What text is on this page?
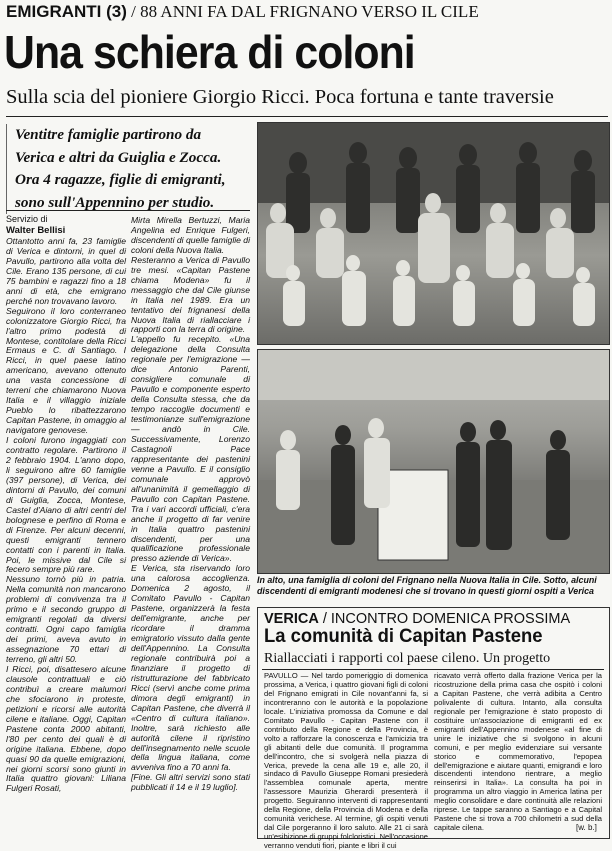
EMIGRANTI (3) / 88 ANNI FA DAL FRIGNANO VERSO IL CILE
Una schiera di coloni
Sulla scia del pioniere Giorgio Ricci. Poca fortuna e tante traversie
Ventitre famiglie partirono da
Verica e altri da Guiglia e Zocca.
Ora 4 ragazze, figlie di emigranti,
sono sull'Appennino per studio.
Servizio di
Walter Bellisi

Ottantotto anni fa, 23 famiglie di Verica e dintorni, in quel di Pavullo, partirono alla volta del Cile. Erano 135 persone, di cui 75 bambini e ragazzi fino a 18 anni di età, che emigrano perché non trovavano lavoro.

Seguirono il loro conterraneo colonizzatore Giorgio Ricci, fra l'altro primo podestà di Montese, contitolare della Ricci Ermaus e C. di Santiago. I Ricci, in quel paese latino americano, avevano ottenuto una vasta concessione di terreni che chiamarono Nuova Italia e il villaggio iniziale Pueblo lo ribattezzarono Capitan Pastene, in omaggio al navigatore genovese.

I coloni furono ingaggiati con contratto regolare. Partirono il 2 febbraio 1904. L'anno dopo, li seguirono altre 60 famiglie (397 persone), di Verica, dei dintorni di Pavullo, dei comuni di Guiglia, Zocca, Montese, Castel d'Aiano di altri centri del bolognese e perfino di Roma e di Firenze. Per alcuni decenni, questi emigranti tennero contatti con i parenti in Italia. Poi, le missive dal Cile si fecero sempre più rare.

Nessuno tornò più in patria. Nella comunità non mancarono problemi di convivenza tra il primo e il secondo gruppo di emigranti regolati da diversi contratti. Ogni capo famiglia dei primi, aveva avuto in assegnazione 70 ettari di terreno, gli altri 50.

I Ricci, poi, disattesero alcune clausole contrattuali e ciò contribuì a creare malumori che sfociarono in proteste, petizioni e ricorsi alle autorità cilene e italiane. Oggi, Capitan Pastene conta 2000 abitanti, l'80 per cento dei quali è di origine italiana. Ebbene, dopo quasi 90 da quelle emigrazioni, nei giorni scorsi sono giunti in Italia quattro giovani: Liliana Fulgeri Rosati,

Mirta Mirella Bertuzzi, Maria Angelina ed Enrique Fulgeri, discendenti di quelle famiglie di coloni della Nuova Italia.

Resteranno a Verica di Pavullo tre mesi. «Capitan Pastene chiama Modena» fu il messaggio che dal Cile giunse in Italia nel 1989. Era un tentativo dei frignanesi della Nuova Italia di riallacciare i rapporti con la terra di origine.

L'appello fu recepito. «Una delegazione della Consulta regionale per l'emigrazione — dice Antonio Parenti, consigliere comunale di Pavullo e componente esperto della Consulta stessa, che da tempo raccoglie documenti e testimonianze sull'emigrazione — andò in Cile. Successivamente, Lorenzo Castagnoli Pace rappresentante dei pastenini venne a Pavullo. E il consiglio comunale approvò all'unanimità il gemellaggio di Pavullo con Capitan Pastene. Tra i vari accordi ufficiali, c'era anche il progetto di far venire in Italia quattro pastenini discendenti, per una qualificazione professionale presso aziende di Verica».

E Verica, sta riservando loro una calorosa accoglienza. Domenica 2 agosto, il Comitato Pavullo - Capitan Pastene, organizzerà la festa dell'emigrante, anche per ricordare il dramma emigratorio vissuto dalla gente dell'Appennino. La Consulta regionale contribuirà poi a finanziare il progetto di ristrutturazione del fabbricato Ricci (servì anche come prima dimora degli emigranti) in Capitan Pastene, che diverrà il «Centro di cultura italiano». Inoltre, sarà richiesto alle autorità cilene il ripristino dell'insegnamento nelle scuole della lingua italiana, come avveniva fino a 70 anni fa.

[Fine. Gli altri servizi sono stati pubblicati il 14 e il 19 luglio].

In alto, una famiglia di coloni del Frignano nella Nuova Italia in Cile. Sotto, alcuni discendenti di emigranti modenesi che si trovano in questi giorni ospiti a Verica
VERICA / INCONTRO DOMENICA PROSSIMA
La comunità di Capitan Pastene
Riallacciati i rapporti col paese cileno. Un progetto
PAVULLO — Nel tardo pomeriggio di domenica prossima, a Verica, i quattro giovani figli di coloni del Frignano emigrati in Cile novant'anni fa, si incontreranno con le autorità e la popolazione locale. L'iniziativa promossa da Comune e dal Comitato Pavullo - Capitan Pastene con il contributo della Regione e della Provincia, è volto a rafforzare la conoscenza e l'amicizia tra gli abitanti delle due comunità. Il programma dell'incontro, che si svolgerà nella piazza di Verica, prevede la cena alle 19 e, alle 20, il sindaco di Pavullo Giuseppe Romani presiederà l'assemblea comunale aperta, mentre l'assessore Maurizia Gherardi presenterà il progetto. Seguiranno interventi di rappresentanti della Regione, della Provincia di Modena e della comunità verichese. Al termine, gli ospiti venuti dal Cile porgeranno il loro saluto. Alle 21 ci sarà un'esibizione di gruppi folcloristici. Nell'occasione verranno venduti fiori, piante e libri il cui
ricavato verrà offerto dalla frazione Verica per la ricostruzione della prima casa che ospitò i coloni a Capitan Pastene, che verrà adibita a Centro polivalente di cultura. Intanto, alla consulta regionale per l'emigrazione è stato proposto di costituire un'associazione di emigranti ed ex emigranti dell'Appennino modenese «al fine di unire le iniziative che si svolgono in alcuni comuni, e per meglio evidenziare sui versante storico e commemorativo, l'epopea dell'emigrazione e aiutare quanti, emigrandi e loro discendenti intendono rientrare, a meglio reinserirsi in Italia». La consulta ha poi in programma un altro viaggio in America latina per meglio consolidare e dare continuità alle relazioni riprese. Le tappe saranno a Santiago e a Capital Pastene che si trova a 700 chilometri a sud della capitale cilena.	[w. b.]
